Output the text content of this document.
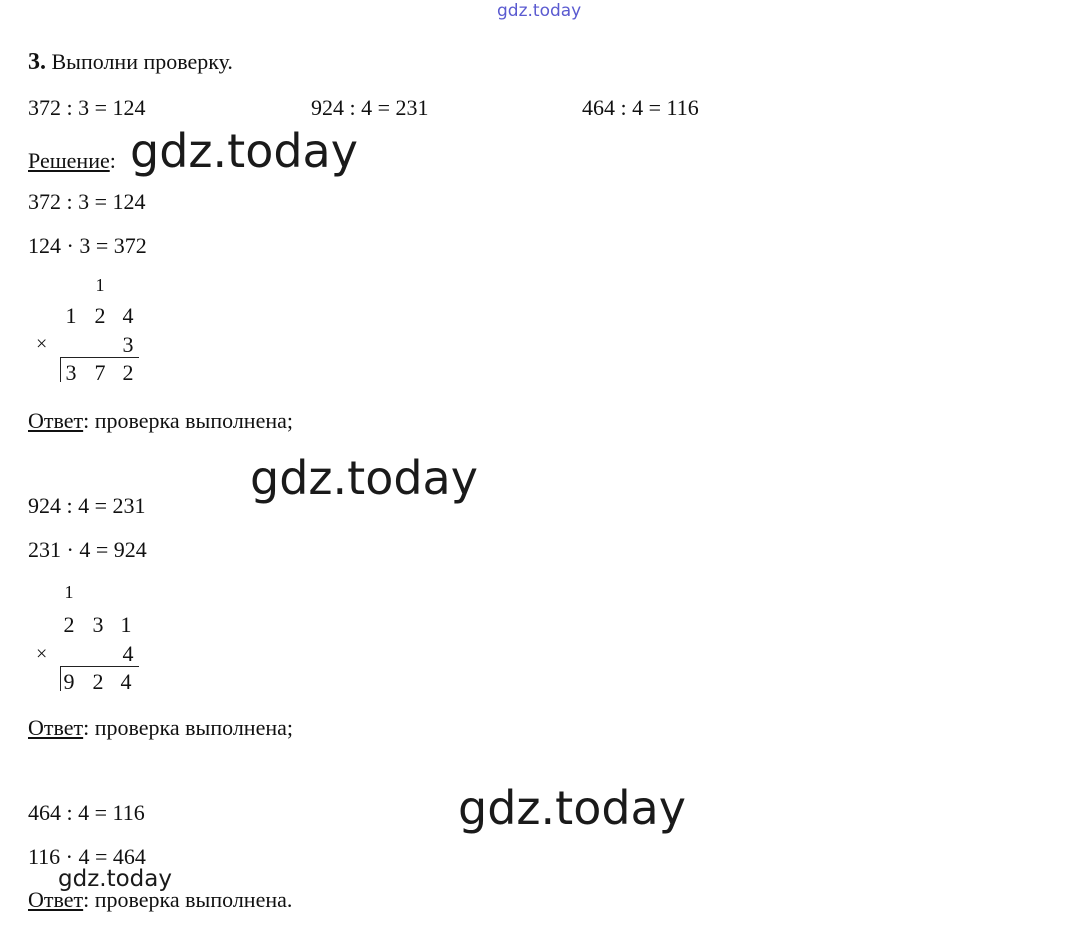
gdz.today
3. Выполни проверку.
372 : 3 = 124	924 : 4 = 231	464 : 4 = 116
Решение: gdz.today
372 : 3 = 124
124 · 3 = 372
1
1 2 4
×	3
3 7 2
Ответ: проверка выполнена;
gdz.today
924 : 4 = 231
231 · 4 = 924
1
2 3 1
×	4
9 2 4
Ответ: проверка выполнена;
gdz.today
464 : 4 = 116
116 · 4 = 464
gdz.today
Ответ: проверка выполнена.
